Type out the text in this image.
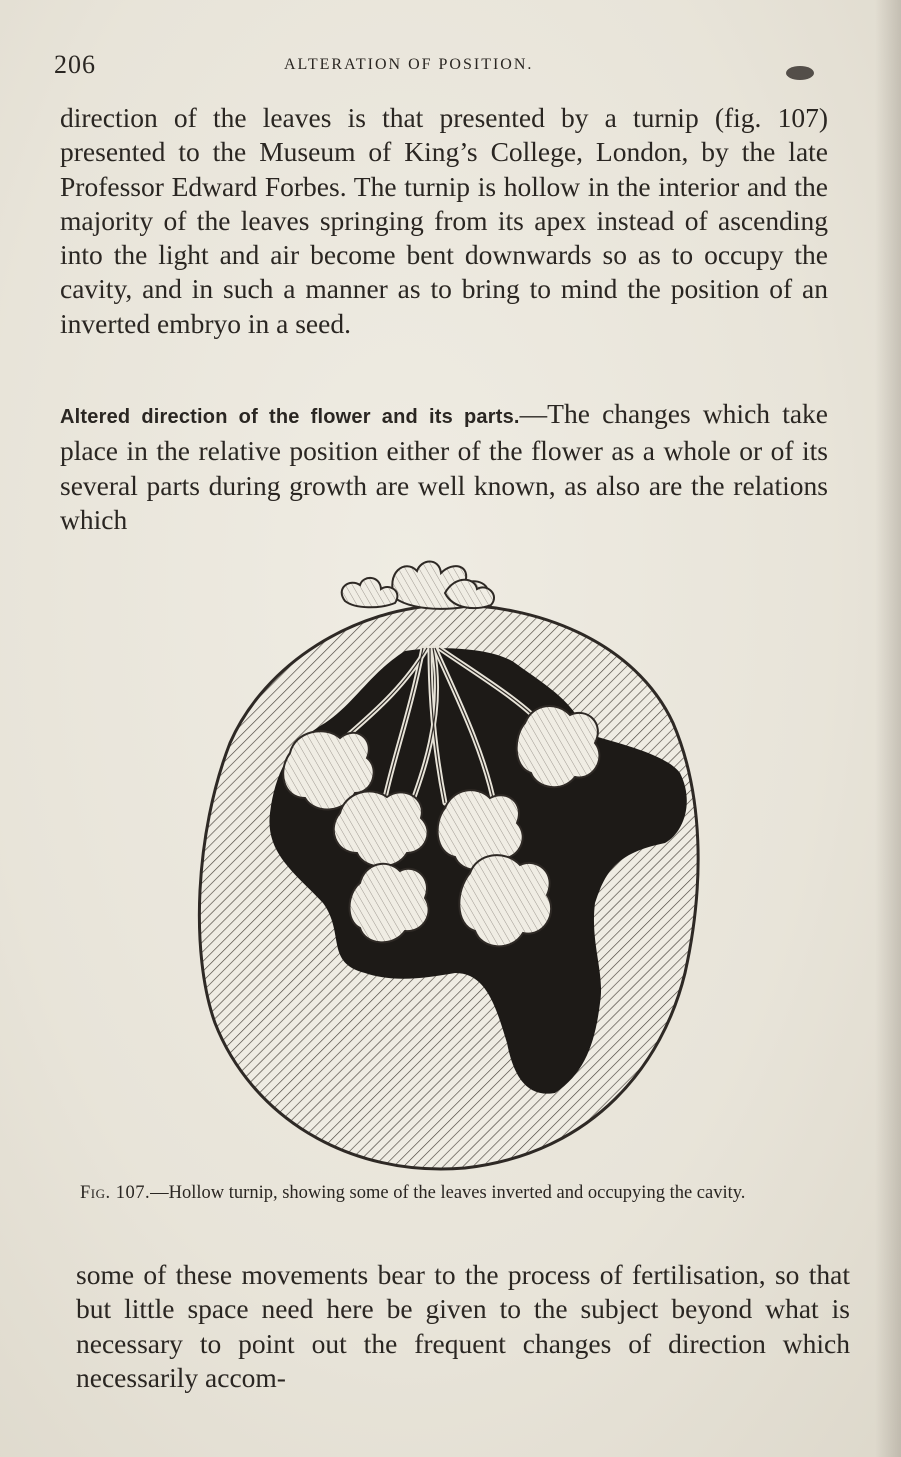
206	ALTERATION OF POSITION.

direction of the leaves is that presented by a turnip (fig. 107) presented to the Museum of King’s College, London, by the late Professor Edward Forbes. The turnip is hollow in the interior and the majority of the leaves springing from its apex instead of ascending into the light and air become bent downwards so as to occupy the cavity, and in such a manner as to bring to mind the position of an inverted embryo in a seed.

Altered direction of the flower and its parts.—The changes which take place in the relative position either of the flower as a whole or of its several parts during growth are well known, as also are the relations which

Fig. 107.—Hollow turnip, showing some of the leaves inverted and occupying the cavity.

some of these movements bear to the process of fertilisation, so that but little space need here be given to the subject beyond what is necessary to point out the frequent changes of direction which necessarily accom-
